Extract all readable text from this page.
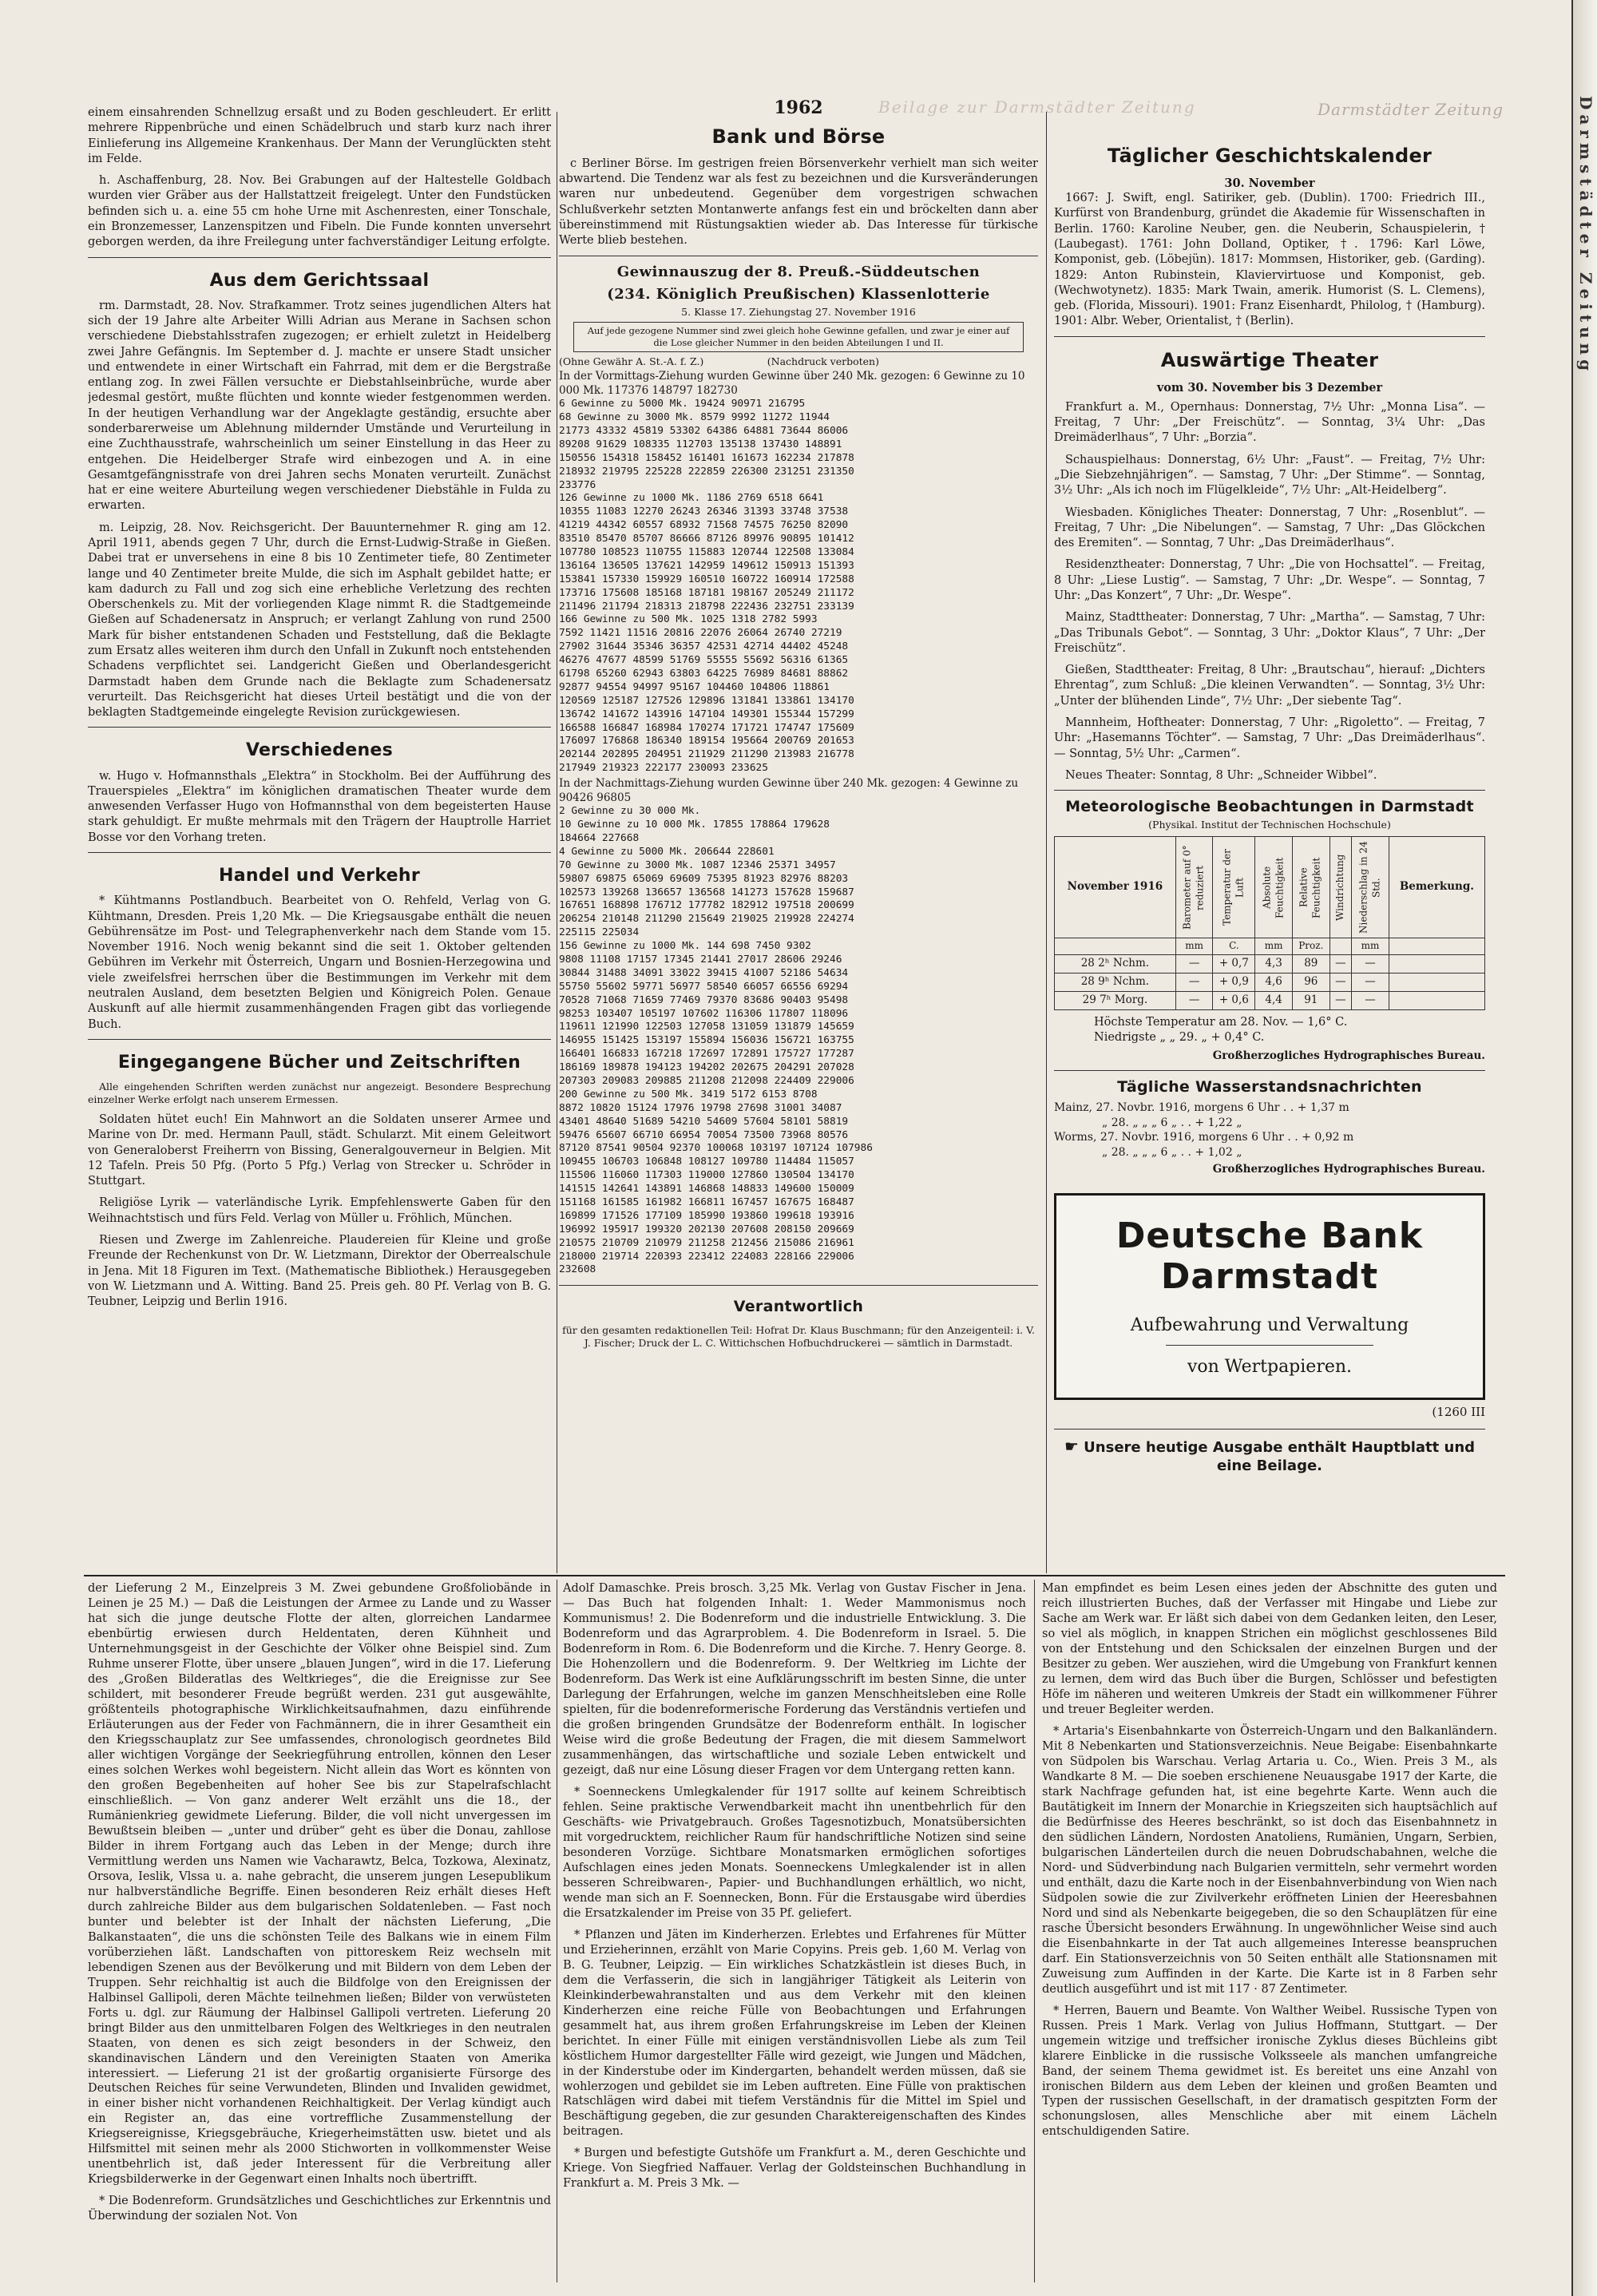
Darmstädter Zeitung
1962	Beilage zur Darmstädter Zeitung	Darmstädter Zeitung

einem einsahrenden Schnellzug ersaßt und zu Boden geschleudert. Er erlitt mehrere Rippenbrüche und einen Schädelbruch und starb kurz nach ihrer Einlieferung ins Allgemeine Krankenhaus. Der Mann der Verunglückten steht im Felde.

h. Aschaffenburg, 28. Nov. Bei Grabungen auf der Haltestelle Goldbach wurden vier Gräber aus der Hallstattzeit freigelegt. Unter den Fundstücken befinden sich u. a. eine 55 cm hohe Urne mit Aschenresten, einer Tonschale, ein Bronzemesser, Lanzenspitzen und Fibeln. Die Funde konnten unversehrt geborgen werden, da ihre Freilegung unter fachverständiger Leitung erfolgte.

Aus dem Gerichtssaal

rm. Darmstadt, 28. Nov. Strafkammer. Trotz seines jugendlichen Alters hat sich der 19 Jahre alte Arbeiter Willi Adrian aus Merane in Sachsen schon verschiedene Diebstahlsstrafen zugezogen; er erhielt zuletzt in Heidelberg zwei Jahre Gefängnis. Im September d. J. machte er unsere Stadt unsicher und entwendete in einer Wirtschaft ein Fahrrad, mit dem er die Bergstraße entlang zog. In zwei Fällen versuchte er Diebstahlseinbrüche, wurde aber jedesmal gestört, mußte flüchten und konnte wieder festgenommen werden. In der heutigen Verhandlung war der Angeklagte geständig, ersuchte aber sonderbarerweise um Ablehnung mildernder Umstände und Verurteilung in eine Zuchthausstrafe, wahrscheinlich um seiner Einstellung in das Heer zu entgehen. Die Heidelberger Strafe wird einbezogen und A. in eine Gesamtgefängnisstrafe von drei Jahren sechs Monaten verurteilt. Zunächst hat er eine weitere Aburteilung wegen verschiedener Diebstähle in Fulda zu erwarten.

m. Leipzig, 28. Nov. Reichsgericht. Der Bauunternehmer R. ging am 12. April 1911, abends gegen 7 Uhr, durch die Ernst-Ludwig-Straße in Gießen. Dabei trat er unversehens in eine 8 bis 10 Zentimeter tiefe, 80 Zentimeter lange und 40 Zentimeter breite Mulde, die sich im Asphalt gebildet hatte; er kam dadurch zu Fall und zog sich eine erhebliche Verletzung des rechten Oberschenkels zu. Mit der vorliegenden Klage nimmt R. die Stadtgemeinde Gießen auf Schadenersatz in Anspruch; er verlangt Zahlung von rund 2500 Mark für bisher entstandenen Schaden und Feststellung, daß die Beklagte zum Ersatz alles weiteren ihm durch den Unfall in Zukunft noch entstehenden Schadens verpflichtet sei. Landgericht Gießen und Oberlandesgericht Darmstadt haben dem Grunde nach die Beklagte zum Schadenersatz verurteilt. Das Reichsgericht hat dieses Urteil bestätigt und die von der beklagten Stadtgemeinde eingelegte Revision zurückgewiesen.

Verschiedenes

w. Hugo v. Hofmannsthals „Elektra“ in Stockholm. Bei der Aufführung des Trauerspieles „Elektra“ im königlichen dramatischen Theater wurde dem anwesenden Verfasser Hugo von Hofmannsthal von dem begeisterten Hause stark gehuldigt. Er mußte mehrmals mit den Trägern der Hauptrolle Harriet Bosse vor den Vorhang treten.

Handel und Verkehr

* Kühtmanns Postlandbuch. Bearbeitet von O. Rehfeld, Verlag von G. Kühtmann, Dresden. Preis 1,20 Mk. — Die Kriegsausgabe enthält die neuen Gebührensätze im Post- und Telegraphenverkehr nach dem Stande vom 15. November 1916. Noch wenig bekannt sind die seit 1. Oktober geltenden Gebühren im Verkehr mit Österreich, Ungarn und Bosnien-Herzegowina und viele zweifelsfrei herrschen über die Bestimmungen im Verkehr mit dem neutralen Ausland, dem besetzten Belgien und Königreich Polen. Genaue Auskunft auf alle hiermit zusammenhängenden Fragen gibt das vorliegende Buch.

Eingegangene Bücher und Zeitschriften

Alle eingehenden Schriften werden zunächst nur angezeigt. Besondere Besprechung einzelner Werke erfolgt nach unserem Ermessen.

Soldaten hütet euch! Ein Mahnwort an die Soldaten unserer Armee und Marine von Dr. med. Hermann Paull, städt. Schularzt. Mit einem Geleitwort von Generaloberst Freiherrn von Bissing, Generalgouverneur in Belgien. Mit 12 Tafeln. Preis 50 Pfg. (Porto 5 Pfg.) Verlag von Strecker u. Schröder in Stuttgart.

Religiöse Lyrik — vaterländische Lyrik. Empfehlenswerte Gaben für den Weihnachtstisch und fürs Feld. Verlag von Müller u. Fröhlich, München.

Riesen und Zwerge im Zahlenreiche. Plaudereien für Kleine und große Freunde der Rechenkunst von Dr. W. Lietzmann, Direktor der Oberrealschule in Jena. Mit 18 Figuren im Text. (Mathematische Bibliothek.) Herausgegeben von W. Lietzmann und A. Witting. Band 25. Preis geh. 80 Pf. Verlag von B. G. Teubner, Leipzig und Berlin 1916.

Bank und Börse

c Berliner Börse. Im gestrigen freien Börsenverkehr verhielt man sich weiter abwartend. Die Tendenz war als fest zu bezeichnen und die Kursveränderungen waren nur unbedeutend. Gegenüber dem vorgestrigen schwachen Schlußverkehr setzten Montanwerte anfangs fest ein und bröckelten dann aber übereinstimmend mit Rüstungsaktien wieder ab. Das Interesse für türkische Werte blieb bestehen.

Gewinnauszug der 8. Preuß.-Süddeutschen
(234. Königlich Preußischen) Klassenlotterie
5. Klasse 17. Ziehungstag 27. November 1916
Auf jede gezogene Nummer sind zwei gleich hohe Gewinne gefallen, und zwar je einer auf die Lose gleicher Nummer in den beiden Abteilungen I und II.
(Ohne Gewähr A. St.-A. f. Z.)                    (Nachdruck verboten)
In der Vormittags-Ziehung wurden Gewinne über 240 Mk. gezogen: 6 Gewinne zu 10 000 Mk. 117376 148797 182730
6 Gewinne zu 5000 Mk. 19424 90971 216795
68 Gewinne zu 3000 Mk. 8579 9992 11272 11944
21773 43332 45819 53302 64386 64881 73644 86006
89208 91629 108335 112703 135138 137430 148891
150556 154318 158452 161401 161673 162234 217878
218932 219795 225228 222859 226300 231251 231350
233776
126 Gewinne zu 1000 Mk. 1186 2769 6518 6641
10355 11083 12270 26243 26346 31393 33748 37538
41219 44342 60557 68932 71568 74575 76250 82090
83510 85470 85707 86666 87126 89976 90895 101412
107780 108523 110755 115883 120744 122508 133084
136164 136505 137621 142959 149612 150913 151393
153841 157330 159929 160510 160722 160914 172588
173716 175608 185168 187181 198167 205249 211172
211496 211794 218313 218798 222436 232751 233139
166 Gewinne zu 500 Mk. 1025 1318 2782 5993
7592 11421 11516 20816 22076 26064 26740 27219
27902 31644 35346 36357 42531 42714 44402 45248
46276 47677 48599 51769 55555 55692 56316 61365
61798 65260 62943 63803 64225 76989 84681 88862
92877 94554 94997 95167 104460 104806 118861
120569 125187 127526 129896 131841 133861 134170
136742 141672 143916 147104 149301 155344 157299
166588 166847 168984 170274 171721 174747 175609
176097 176868 186340 189154 195664 200769 201653
202144 202895 204951 211929 211290 213983 216778
217949 219323 222177 230093 233625
In der Nachmittags-Ziehung wurden Gewinne über 240 Mk. gezogen: 4 Gewinne zu 90426 96805
2 Gewinne zu 30 000 Mk.
10 Gewinne zu 10 000 Mk. 17855 178864 179628
184664 227668
4 Gewinne zu 5000 Mk. 206644 228601
70 Gewinne zu 3000 Mk. 1087 12346 25371 34957
59807 69875 65069 69609 75395 81923 82976 88203
102573 139268 136657 136568 141273 157628 159687
167651 168898 176712 177782 182912 197518 200699
206254 210148 211290 215649 219025 219928 224274
225115 225034
156 Gewinne zu 1000 Mk. 144 698 7450 9302
9808 11108 17157 17345 21441 27017 28606 29246
30844 31488 34091 33022 39415 41007 52186 54634
55750 55602 59771 56977 58540 66057 66556 69294
70528 71068 71659 77469 79370 83686 90403 95498
98253 103407 105197 107602 116306 117807 118096
119611 121990 122503 127058 131059 131879 145659
146955 151425 153197 155894 156036 156721 163755
166401 166833 167218 172697 172891 175727 177287
186169 189878 194123 194202 202675 204291 207028
207303 209083 209885 211208 212098 224409 229006
200 Gewinne zu 500 Mk. 3419 5172 6153 8708
8872 10820 15124 17976 19798 27698 31001 34087
43401 48640 51689 54210 54609 57604 58101 58819
59476 65607 66710 66954 70054 73500 73968 80576
87120 87541 90504 92370 100068 103197 107124 107986
109455 106703 106848 108127 109780 114484 115057
115506 116060 117303 119000 127860 130504 134170
141515 142641 143891 146868 148833 149600 150009
151168 161585 161982 166811 167457 167675 168487
169899 171526 177109 185990 193860 199618 193916
196992 195917 199320 202130 207608 208150 209669
210575 210709 210979 211258 212456 215086 216961
218000 219714 220393 223412 224083 228166 229006
232608
Verantwortlich

für den gesamten redaktionellen Teil: Hofrat Dr. Klaus Buschmann; für den Anzeigenteil: i. V. J. Fischer; Druck der L. C. Wittichschen Hofbuchdruckerei — sämtlich in Darmstadt.

Täglicher Geschichtskalender
30. November

1667: J. Swift, engl. Satiriker, geb. (Dublin). 1700: Friedrich III., Kurfürst von Brandenburg, gründet die Akademie für Wissenschaften in Berlin. 1760: Karoline Neuber, gen. die Neuberin, Schauspielerin, † (Laubegast). 1761: John Dolland, Optiker, †. 1796: Karl Löwe, Komponist, geb. (Löbejün). 1817: Mommsen, Historiker, geb. (Garding). 1829: Anton Rubinstein, Klaviervirtuose und Komponist, geb. (Wechwotynetz). 1835: Mark Twain, amerik. Humorist (S. L. Clemens), geb. (Florida, Missouri). 1901: Franz Eisenhardt, Philolog, † (Hamburg). 1901: Albr. Weber, Orientalist, † (Berlin).

Auswärtige Theater
vom 30. November bis 3 Dezember

Frankfurt a. M., Opernhaus: Donnerstag, 7½ Uhr: „Monna Lisa“. — Freitag, 7 Uhr: „Der Freischütz“. — Sonntag, 3¼ Uhr: „Das Dreimäderlhaus“, 7 Uhr: „Borzia“.

Schauspielhaus: Donnerstag, 6½ Uhr: „Faust“. — Freitag, 7½ Uhr: „Die Siebzehnjährigen“. — Samstag, 7 Uhr: „Der Stimme“. — Sonntag, 3½ Uhr: „Als ich noch im Flügelkleide“, 7½ Uhr: „Alt-Heidelberg“.

Wiesbaden. Königliches Theater: Donnerstag, 7 Uhr: „Rosenblut“. — Freitag, 7 Uhr: „Die Nibelungen“. — Samstag, 7 Uhr: „Das Glöckchen des Eremiten“. — Sonntag, 7 Uhr: „Das Dreimäderlhaus“.

Residenztheater: Donnerstag, 7 Uhr: „Die von Hochsattel“. — Freitag, 8 Uhr: „Liese Lustig“. — Samstag, 7 Uhr: „Dr. Wespe“. — Sonntag, 7 Uhr: „Das Konzert“, 7 Uhr: „Dr. Wespe“.

Mainz, Stadttheater: Donnerstag, 7 Uhr: „Martha“. — Samstag, 7 Uhr: „Das Tribunals Gebot“. — Sonntag, 3 Uhr: „Doktor Klaus“, 7 Uhr: „Der Freischütz“.

Gießen, Stadttheater: Freitag, 8 Uhr: „Brautschau“, hierauf: „Dichters Ehrentag“, zum Schluß: „Die kleinen Verwandten“. — Sonntag, 3½ Uhr: „Unter der blühenden Linde“, 7½ Uhr: „Der siebente Tag“.

Mannheim, Hoftheater: Donnerstag, 7 Uhr: „Rigoletto“. — Freitag, 7 Uhr: „Hasemanns Töchter“. — Samstag, 7 Uhr: „Das Dreimäderlhaus“. — Sonntag, 5½ Uhr: „Carmen“.

Neues Theater: Sonntag, 8 Uhr: „Schneider Wibbel“.

Meteorologische Beobachtungen in Darmstadt
(Physikal. Institut der Technischen Hochschule)
November 1916	Barometer auf 0° reduziert	Temperatur der Luft	Absolute Feuchtigkeit	Relative Feuchtigkeit	Windrichtung	Niederschlag in 24 Std.	Bemerkung.
	mm	C.	mm	Proz.		mm	
28 2ʰ Nchm.	—	+ 0,7	4,3	89	—	—	
28 9ʰ Nchm.	—	+ 0,9	4,6	96	—	—	
29 7ʰ Morg.	—	+ 0,6	4,4	91	—	—	
Höchste Temperatur am 28. Nov. — 1,6° C.
Niedrigste „ „ 29. „ + 0,4° C.
Großherzogliches Hydrographisches Bureau.
Tägliche Wasserstandsnachrichten
Mainz, 27. Novbr. 1916, morgens 6 Uhr . . + 1,37 m
„ 28. „ „ „ 6 „ . . + 1,22 „
Worms, 27. Novbr. 1916, morgens 6 Uhr . . + 0,92 m
„ 28. „ „ „ 6 „ . . + 1,02 „
Großherzogliches Hydrographisches Bureau.
Deutsche Bank Darmstadt
Aufbewahrung und Verwaltung
von Wertpapieren.
(1260 III
☛ Unsere heutige Ausgabe enthält Hauptblatt und eine Beilage.

der Lieferung 2 M., Einzelpreis 3 M. Zwei gebundene Großfoliobände in Leinen je 25 M.) — Daß die Leistungen der Armee zu Lande und zu Wasser hat sich die junge deutsche Flotte der alten, glorreichen Landarmee ebenbürtig erwiesen durch Heldentaten, deren Kühnheit und Unternehmungsgeist in der Geschichte der Völker ohne Beispiel sind. Zum Ruhme unserer Flotte, über unsere „blauen Jungen“, wird in die 17. Lieferung des „Großen Bilderatlas des Weltkrieges“, die die Ereignisse zur See schildert, mit besonderer Freude begrüßt werden. 231 gut ausgewählte, größtenteils photographische Wirklichkeitsaufnahmen, dazu einführende Erläuterungen aus der Feder von Fachmännern, die in ihrer Gesamtheit ein den Kriegsschauplatz zur See umfassendes, chronologisch geordnetes Bild aller wichtigen Vorgänge der Seekriegführung entrollen, können den Leser eines solchen Werkes wohl begeistern. Nicht allein das Wort es könnten von den großen Begebenheiten auf hoher See bis zur Stapelrafschlacht einschließlich. — Von ganz anderer Welt erzählt uns die 18., der Rumänienkrieg gewidmete Lieferung. Bilder, die voll nicht unvergessen im Bewußtsein bleiben — „unter und drüber“ geht es über die Donau, zahllose Bilder in ihrem Fortgang auch das Leben in der Menge; durch ihre Vermittlung werden uns Namen wie Vacharawtz, Belca, Tozkowa, Alexinatz, Orsova, Ieslik, Vlssa u. a. nahe gebracht, die unserem jungen Lesepublikum nur halbverständliche Begriffe. Einen besonderen Reiz erhält dieses Heft durch zahlreiche Bilder aus dem bulgarischen Soldatenleben. — Fast noch bunter und belebter ist der Inhalt der nächsten Lieferung, „Die Balkanstaaten“, die uns die schönsten Teile des Balkans wie in einem Film vorüberziehen läßt. Landschaften von pittoreskem Reiz wechseln mit lebendigen Szenen aus der Bevölkerung und mit Bildern von dem Leben der Truppen. Sehr reichhaltig ist auch die Bildfolge von den Ereignissen der Halbinsel Gallipoli, deren Mächte teilnehmen ließen; Bilder von verwüsteten Forts u. dgl. zur Räumung der Halbinsel Gallipoli vertreten. Lieferung 20 bringt Bilder aus den unmittelbaren Folgen des Weltkrieges in den neutralen Staaten, von denen es sich zeigt besonders in der Schweiz, den skandinavischen Ländern und den Vereinigten Staaten von Amerika interessiert. — Lieferung 21 ist der großartig organisierte Fürsorge des Deutschen Reiches für seine Verwundeten, Blinden und Invaliden gewidmet, in einer bisher nicht vorhandenen Reichhaltigkeit. Der Verlag kündigt auch ein Register an, das eine vortreffliche Zusammenstellung der Kriegsereignisse, Kriegsgebräuche, Kriegerheimstätten usw. bietet und als Hilfsmittel mit seinen mehr als 2000 Stichworten in vollkommenster Weise unentbehrlich ist, daß jeder Interessent für die Verbreitung aller Kriegsbilderwerke in der Gegenwart einen Inhalts noch übertrifft.

* Die Bodenreform. Grundsätzliches und Geschichtliches zur Erkenntnis und Überwindung der sozialen Not. Von

Adolf Damaschke. Preis brosch. 3,25 Mk. Verlag von Gustav Fischer in Jena. — Das Buch hat folgenden Inhalt: 1. Weder Mammonismus noch Kommunismus! 2. Die Bodenreform und die industrielle Entwicklung. 3. Die Bodenreform und das Agrarproblem. 4. Die Bodenreform in Israel. 5. Die Bodenreform in Rom. 6. Die Bodenreform und die Kirche. 7. Henry George. 8. Die Hohenzollern und die Bodenreform. 9. Der Weltkrieg im Lichte der Bodenreform. Das Werk ist eine Aufklärungsschrift im besten Sinne, die unter Darlegung der Erfahrungen, welche im ganzen Menschheitsleben eine Rolle spielten, für die bodenreformerische Forderung das Verständnis vertiefen und die großen bringenden Grundsätze der Bodenreform enthält. In logischer Weise wird die große Bedeutung der Fragen, die mit diesem Sammelwort zusammenhängen, das wirtschaftliche und soziale Leben entwickelt und gezeigt, daß nur eine Lösung dieser Fragen vor dem Untergang retten kann.

* Soenneckens Umlegkalender für 1917 sollte auf keinem Schreibtisch fehlen. Seine praktische Verwendbarkeit macht ihn unentbehrlich für den Geschäfts- wie Privatgebrauch. Großes Tagesnotizbuch, Monatsübersichten mit vorgedrucktem, reichlicher Raum für handschriftliche Notizen sind seine besonderen Vorzüge. Sichtbare Monatsmarken ermöglichen sofortiges Aufschlagen eines jeden Monats. Soenneckens Umlegkalender ist in allen besseren Schreibwaren-, Papier- und Buchhandlungen erhältlich, wo nicht, wende man sich an F. Soennecken, Bonn. Für die Erstausgabe wird überdies die Ersatzkalender im Preise von 35 Pf. geliefert.

* Pflanzen und Jäten im Kinderherzen. Erlebtes und Erfahrenes für Mütter und Erzieherinnen, erzählt von Marie Copyins. Preis geb. 1,60 M. Verlag von B. G. Teubner, Leipzig. — Ein wirkliches Schatzkästlein ist dieses Buch, in dem die Verfasserin, die sich in langjähriger Tätigkeit als Leiterin von Kleinkinderbewahranstalten und aus dem Verkehr mit den kleinen Kinderherzen eine reiche Fülle von Beobachtungen und Erfahrungen gesammelt hat, aus ihrem großen Erfahrungskreise im Leben der Kleinen berichtet. In einer Fülle mit einigen verständnisvollen Liebe als zum Teil köstlichem Humor dargestellter Fälle wird gezeigt, wie Jungen und Mädchen, in der Kinderstube oder im Kindergarten, behandelt werden müssen, daß sie wohlerzogen und gebildet sie im Leben auftreten. Eine Fülle von praktischen Ratschlägen wird dabei mit tiefem Verständnis für die Mittel im Spiel und Beschäftigung gegeben, die zur gesunden Charaktereigenschaften des Kindes beitragen.

* Burgen und befestigte Gutshöfe um Frankfurt a. M., deren Geschichte und Kriege. Von Siegfried Naffauer. Verlag der Goldsteinschen Buchhandlung in Frankfurt a. M. Preis 3 Mk. —

Man empfindet es beim Lesen eines jeden der Abschnitte des guten und reich illustrierten Buches, daß der Verfasser mit Hingabe und Liebe zur Sache am Werk war. Er läßt sich dabei von dem Gedanken leiten, den Leser, so viel als möglich, in knappen Strichen ein möglichst geschlossenes Bild von der Entstehung und den Schicksalen der einzelnen Burgen und der Besitzer zu geben. Wer ausziehen, wird die Umgebung von Frankfurt kennen zu lernen, dem wird das Buch über die Burgen, Schlösser und befestigten Höfe im näheren und weiteren Umkreis der Stadt ein willkommener Führer und treuer Begleiter werden.

* Artaria's Eisenbahnkarte von Österreich-Ungarn und den Balkanländern. Mit 8 Nebenkarten und Stationsverzeichnis. Neue Beigabe: Eisenbahnkarte von Südpolen bis Warschau. Verlag Artaria u. Co., Wien. Preis 3 M., als Wandkarte 8 M. — Die soeben erschienene Neuausgabe 1917 der Karte, die stark Nachfrage gefunden hat, ist eine begehrte Karte. Wenn auch die Bautätigkeit im Innern der Monarchie in Kriegszeiten sich hauptsächlich auf die Bedürfnisse des Heeres beschränkt, so ist doch das Eisenbahnnetz in den südlichen Ländern, Nordosten Anatoliens, Rumänien, Ungarn, Serbien, bulgarischen Länderteilen durch die neuen Dobrudschabahnen, welche die Nord- und Südverbindung nach Bulgarien vermitteln, sehr vermehrt worden und enthält, dazu die Karte noch in der Eisenbahnverbindung von Wien nach Südpolen sowie die zur Zivilverkehr eröffneten Linien der Heeresbahnen Nord und sind als Nebenkarte beigegeben, die so den Schauplätzen für eine rasche Übersicht besonders Erwähnung. In ungewöhnlicher Weise sind auch die Eisenbahnkarte in der Tat auch allgemeines Interesse beanspruchen darf. Ein Stationsverzeichnis von 50 Seiten enthält alle Stationsnamen mit Zuweisung zum Auffinden in der Karte. Die Karte ist in 8 Farben sehr deutlich ausgeführt und ist mit 117 · 87 Zentimeter.

* Herren, Bauern und Beamte. Von Walther Weibel. Russische Typen von Russen. Preis 1 Mark. Verlag von Julius Hoffmann, Stuttgart. — Der ungemein witzige und treffsicher ironische Zyklus dieses Büchleins gibt klarere Einblicke in die russische Volksseele als manchen umfangreiche Band, der seinem Thema gewidmet ist. Es bereitet uns eine Anzahl von ironischen Bildern aus dem Leben der kleinen und großen Beamten und Typen der russischen Gesellschaft, in der dramatisch gespitzten Form der schonungslosen, alles Menschliche aber mit einem Lächeln entschuldigenden Satire.
